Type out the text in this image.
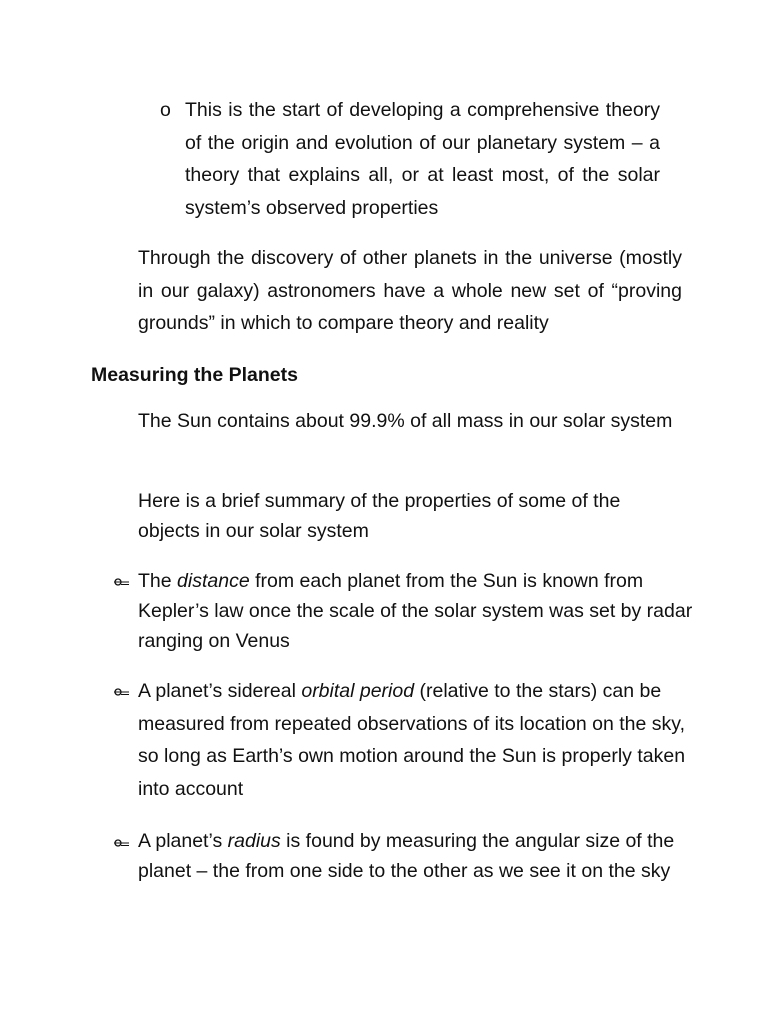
o This is the start of developing a comprehensive theory of the origin and evolution of our planetary system – a theory that explains all, or at least most, of the solar system’s observed properties

Through the discovery of other planets in the universe (mostly in our galaxy) astronomers have a whole new set of “proving grounds” in which to compare theory and reality

Measuring the Planets

The Sun contains about 99.9% of all mass in our solar system

Here is a brief summary of the properties of some of the objects in our solar system

The distance from each planet from the Sun is known from Kepler’s law once the scale of the solar system was set by radar ranging on Venus
A planet’s sidereal orbital period (relative to the stars) can be measured from repeated observations of its location on the sky, so long as Earth’s own motion around the Sun is properly taken into account
A planet’s radius is found by measuring the angular size of the planet – the from one side to the other as we see it on the sky
